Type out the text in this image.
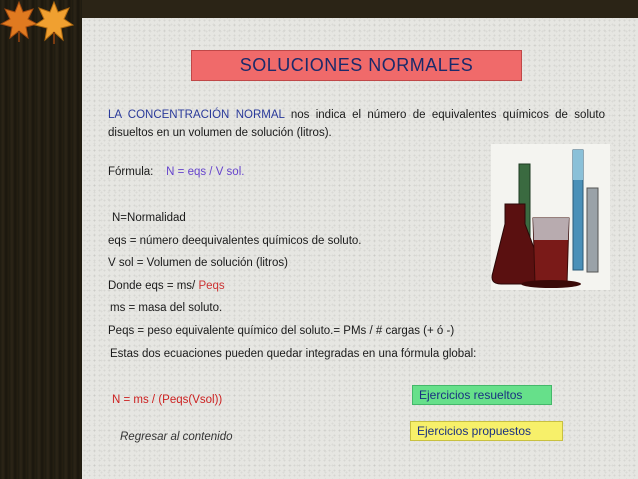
SOLUCIONES NORMALES
LA CONCENTRACIÓN NORMAL nos indica el número de equivalentes químicos de soluto disueltos en un volumen de solución (litros).
Fórmula: N = eqs / V sol.
N=Normalidad
eqs = número deequivalentes químicos de soluto.
V sol = Volumen de solución (litros)
Donde eqs = ms/ Peqs
ms = masa del soluto.
Peqs = peso equivalente químico del soluto.= PMs / # cargas (+ ó -)
Estas dos ecuaciones pueden quedar integradas en una fórmula global:
N = ms / (Peqs(Vsol))	Ejercicios resueltos
Ejercicios propuestos
Regresar al contenido
